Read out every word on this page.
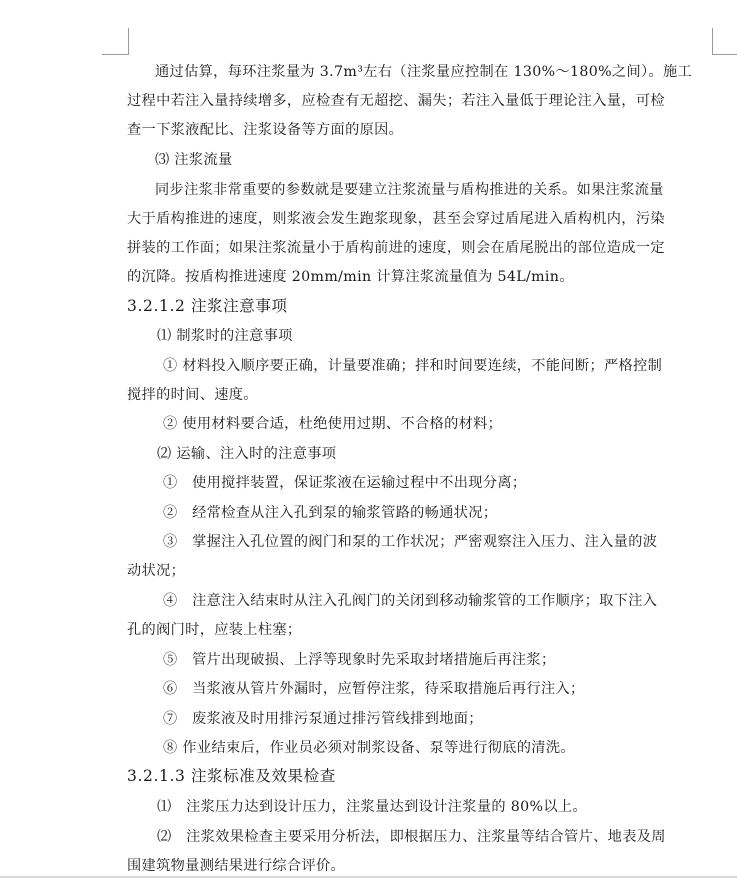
通过估算，每环注浆量为 3.7m³左右（注浆量应控制在 130%～180%之间）。施工
过程中若注入量持续增多，应检查有无超挖、漏失；若注入量低于理论注入量，可检
查一下浆液配比、注浆设备等方面的原因。
⑶ 注浆流量
同步注浆非常重要的参数就是要建立注浆流量与盾构推进的关系。如果注浆流量
大于盾构推进的速度，则浆液会发生跑浆现象，甚至会穿过盾尾进入盾构机内，污染
拼装的工作面；如果注浆流量小于盾构前进的速度，则会在盾尾脱出的部位造成一定
的沉降。按盾构推进速度 20mm/min 计算注浆流量值为 54L/min。
3.2.1.2 注浆注意事项
⑴ 制浆时的注意事项
① 材料投入顺序要正确，计量要准确；拌和时间要连续，不能间断；严格控制
搅拌的时间、速度。
② 使用材料要合适，杜绝使用过期、不合格的材料；
⑵ 运输、注入时的注意事项
①　使用搅拌装置，保证浆液在运输过程中不出现分离；
②　经常检查从注入孔到泵的输浆管路的畅通状况；
③　掌握注入孔位置的阀门和泵的工作状况；严密观察注入压力、注入量的波
动状况；
④　注意注入结束时从注入孔阀门的关闭到移动输浆管的工作顺序；取下注入
孔的阀门时，应装上柱塞；
⑤　管片出现破损、上浮等现象时先采取封堵措施后再注浆；
⑥　当浆液从管片外漏时，应暂停注浆，待采取措施后再行注入；
⑦　废浆液及时用排污泵通过排污管线排到地面；
⑧ 作业结束后，作业员必须对制浆设备、泵等进行彻底的清洗。
3.2.1.3 注浆标准及效果检查
⑴　注浆压力达到设计压力，注浆量达到设计注浆量的 80%以上。
⑵　注浆效果检查主要采用分析法，即根据压力、注浆量等结合管片、地表及周
围建筑物量测结果进行综合评价。
